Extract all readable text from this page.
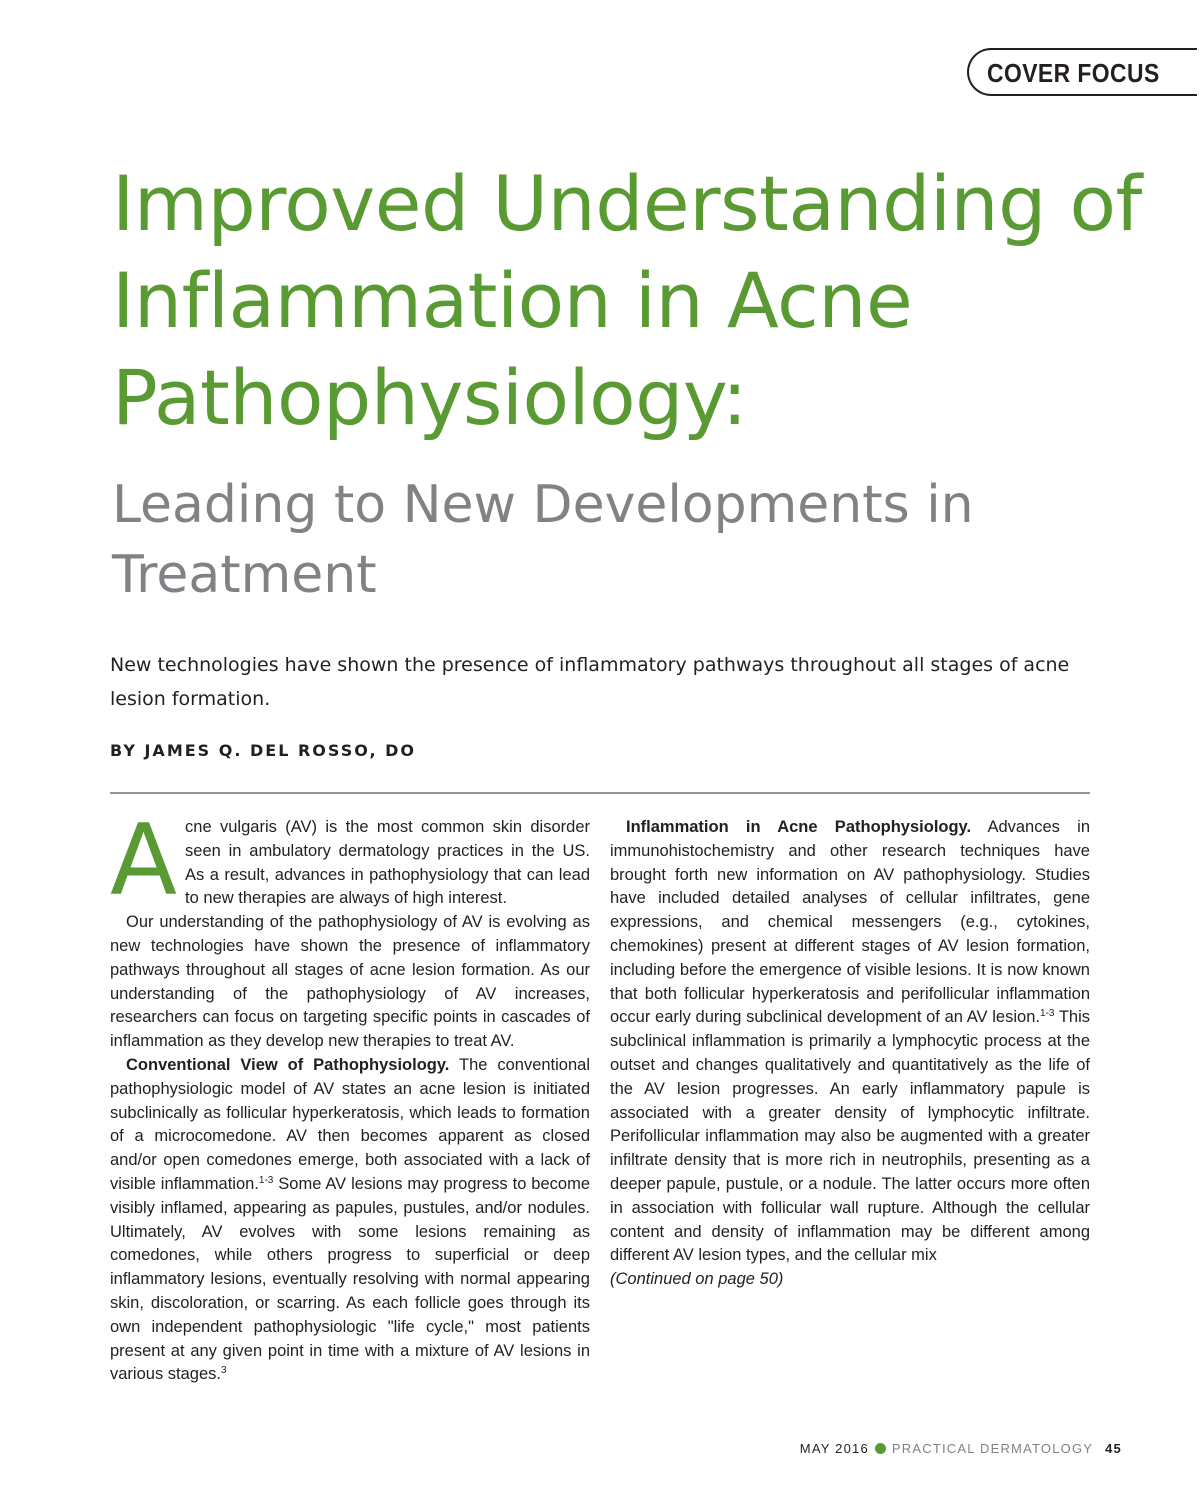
COVER FOCUS
Improved Understanding of Inflammation in Acne Pathophysiology:
Leading to New Developments in Treatment

New technologies have shown the presence of inflammatory pathways throughout all stages of acne lesion formation.

BY JAMES Q. DEL ROSSO, DO

Acne vulgaris (AV) is the most common skin disorder seen in ambulatory dermatology practices in the US. As a result, advances in pathophysiology that can lead to new therapies are always of high interest.

Our understanding of the pathophysiology of AV is evolving as new technologies have shown the presence of inflammatory pathways throughout all stages of acne lesion formation. As our understanding of the pathophysiology of AV increases, researchers can focus on targeting specific points in cascades of inflammation as they develop new therapies to treat AV.

Conventional View of Pathophysiology. The conventional pathophysiologic model of AV states an acne lesion is initiated subclinically as follicular hyperkeratosis, which leads to formation of a microcomedone. AV then becomes apparent as closed and/or open comedones emerge, both associated with a lack of visible inflammation.$^{1-3}$ Some AV lesions may progress to become visibly inflamed, appearing as papules, pustules, and/or nodules. Ultimately, AV evolves with some lesions remaining as comedones, while others progress to superficial or deep inflammatory lesions, eventually resolving with normal appearing skin, discoloration, or scarring. As each follicle goes through its own independent pathophysiologic "life cycle," most patients present at any given point in time with a mixture of AV lesions in various stages.$^3$

Inflammation in Acne Pathophysiology. Advances in immunohistochemistry and other research techniques have brought forth new information on AV pathophysiology. Studies have included detailed analyses of cellular infiltrates, gene expressions, and chemical messengers (e.g., cytokines, chemokines) present at different stages of AV lesion formation, including before the emergence of visible lesions. It is now known that both follicular hyperkeratosis and perifollicular inflammation occur early during subclinical development of an AV lesion.$^{1-3}$ This subclinical inflammation is primarily a lymphocytic process at the outset and changes qualitatively and quantitatively as the life of the AV lesion progresses. An early inflammatory papule is associated with a greater density of lymphocytic infiltrate. Perifollicular inflammation may also be augmented with a greater infiltrate density that is more rich in neutrophils, presenting as a deeper papule, pustule, or a nodule. The latter occurs more often in association with follicular wall rupture. Although the cellular content and density of inflammation may be different among different AV lesion types, and the cellular mix

(Continued on page 50)

MAY 2016 PRACTICAL DERMATOLOGY 45
